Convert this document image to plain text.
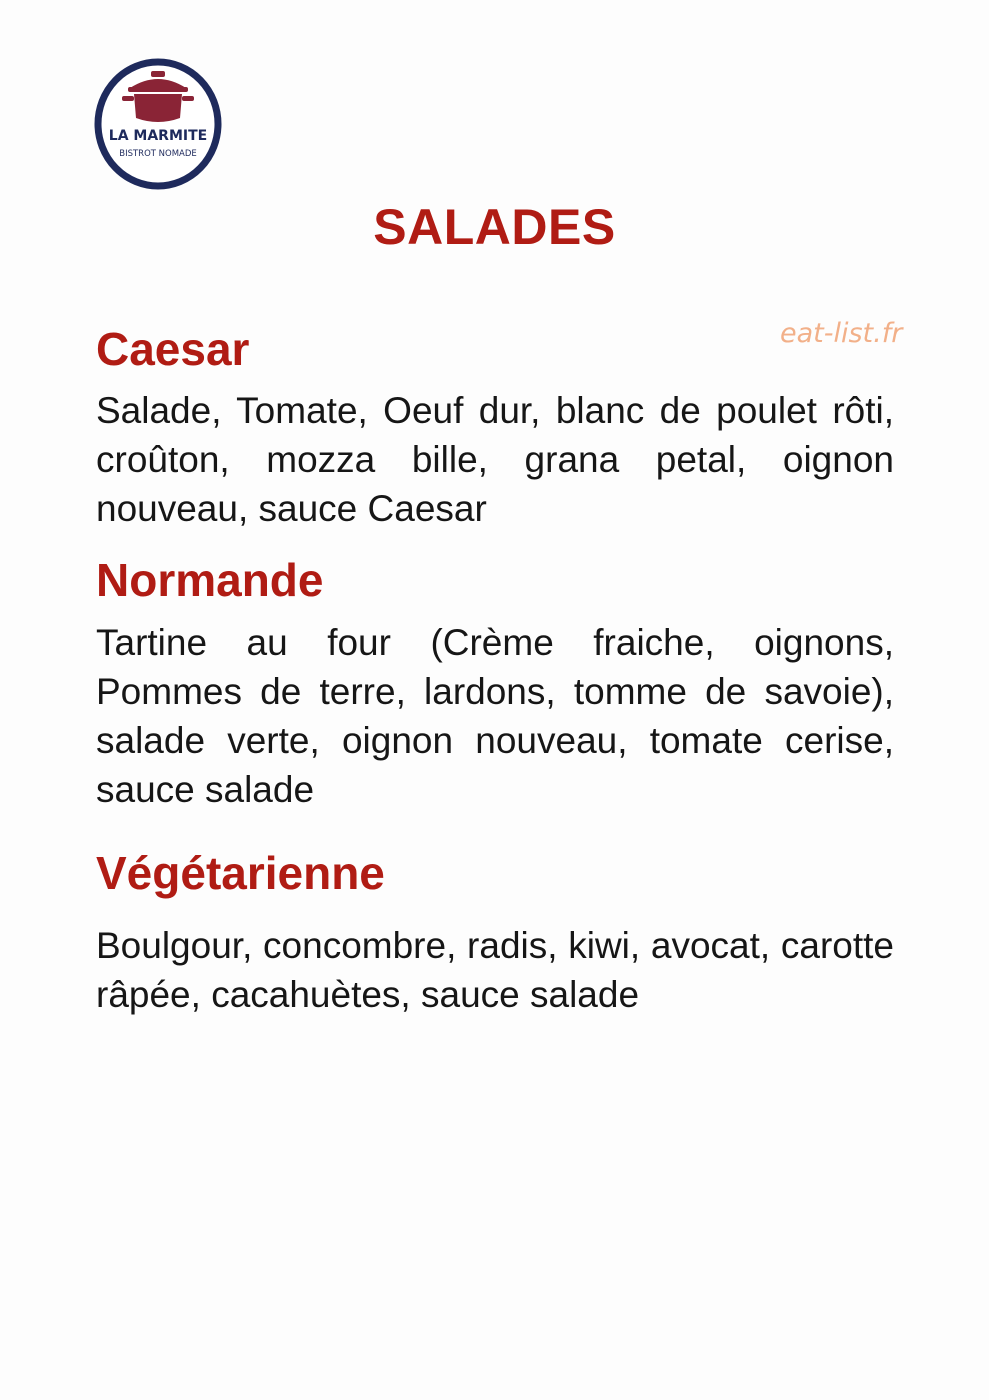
LA MARMITE
BISTROT NOMADE
SALADES

eat-list.fr

Caesar

Salade, Tomate, Oeuf dur, blanc de poulet rôti, croûton, mozza bille, grana petal, oignon nouveau, sauce Caesar

Normande

Tartine au four (Crème fraiche, oignons, Pommes de terre, lardons, tomme de savoie), salade verte, oignon nouveau, tomate cerise, sauce salade

Végétarienne

Boulgour, concombre, radis, kiwi, avocat, carotte râpée, cacahuètes, sauce salade
